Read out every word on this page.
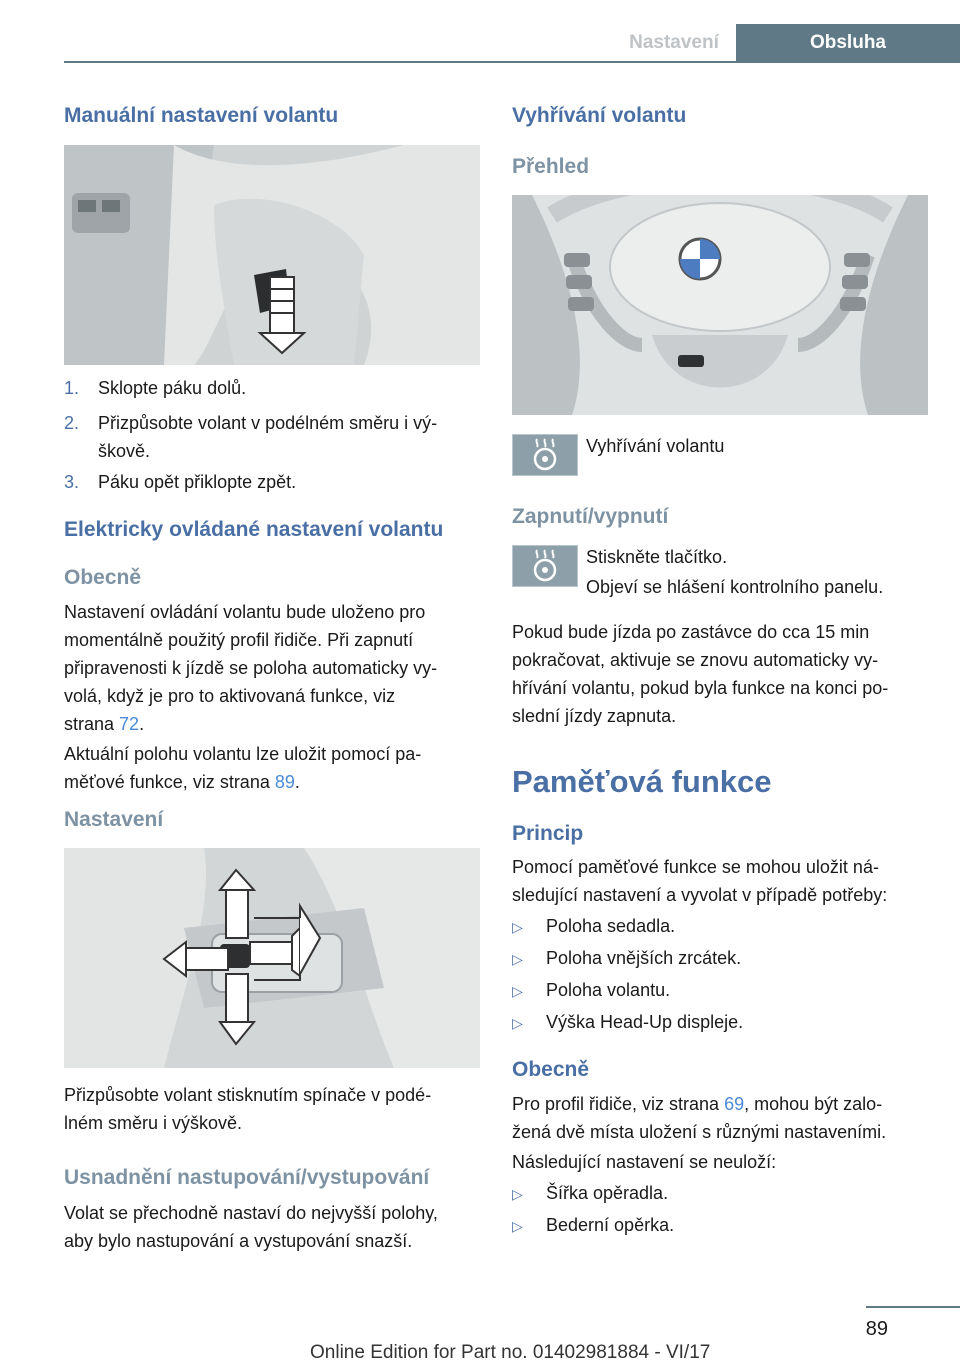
Nastavení	Obsluha
Manuální nastavení volantu
1. Sklopte páku dolů.
2. Přizpůsobte volant v podélném směru i vý‐
škově.
3. Páku opět přiklopte zpět.
Elektricky ovládané nastavení volantu
Obecně
Nastavení ovládání volantu bude uloženo pro
momentálně použitý profil řidiče. Při zapnutí
připravenosti k jízdě se poloha automaticky vy‐
volá, když je pro to aktivovaná funkce, viz
strana 72.
Aktuální polohu volantu lze uložit pomocí pa‐
měťové funkce, viz strana 89.
Nastavení
Přizpůsobte volant stisknutím spínače v podé‐
lném směru i výškově.
Usnadnění nastupování/vystupování
Volat se přechodně nastaví do nejvyšší polohy,
aby bylo nastupování a vystupování snazší.
Vyhřívání volantu
Přehled
Vyhřívání volantu
Zapnutí/vypnutí
Stiskněte tlačítko.
Objeví se hlášení kontrolního panelu.
Pokud bude jízda po zastávce do cca 15 min
pokračovat, aktivuje se znovu automaticky vy‐
hřívání volantu, pokud byla funkce na konci po‐
slední jízdy zapnuta.
Paměťová funkce
Princip
Pomocí paměťové funkce se mohou uložit ná‐
sledující nastavení a vyvolat v případě potřeby:
▷ Poloha sedadla.
▷ Poloha vnějších zrcátek.
▷ Poloha volantu.
▷ Výška Head-Up displeje.
Obecně
Pro profil řidiče, viz strana 69, mohou být zalo‐
žená dvě místa uložení s různými nastaveními.
Následující nastavení se neuloží:
▷ Šířka opěradla.
▷ Bederní opěrka.
89
Online Edition for Part no. 01402981884 - VI/17
